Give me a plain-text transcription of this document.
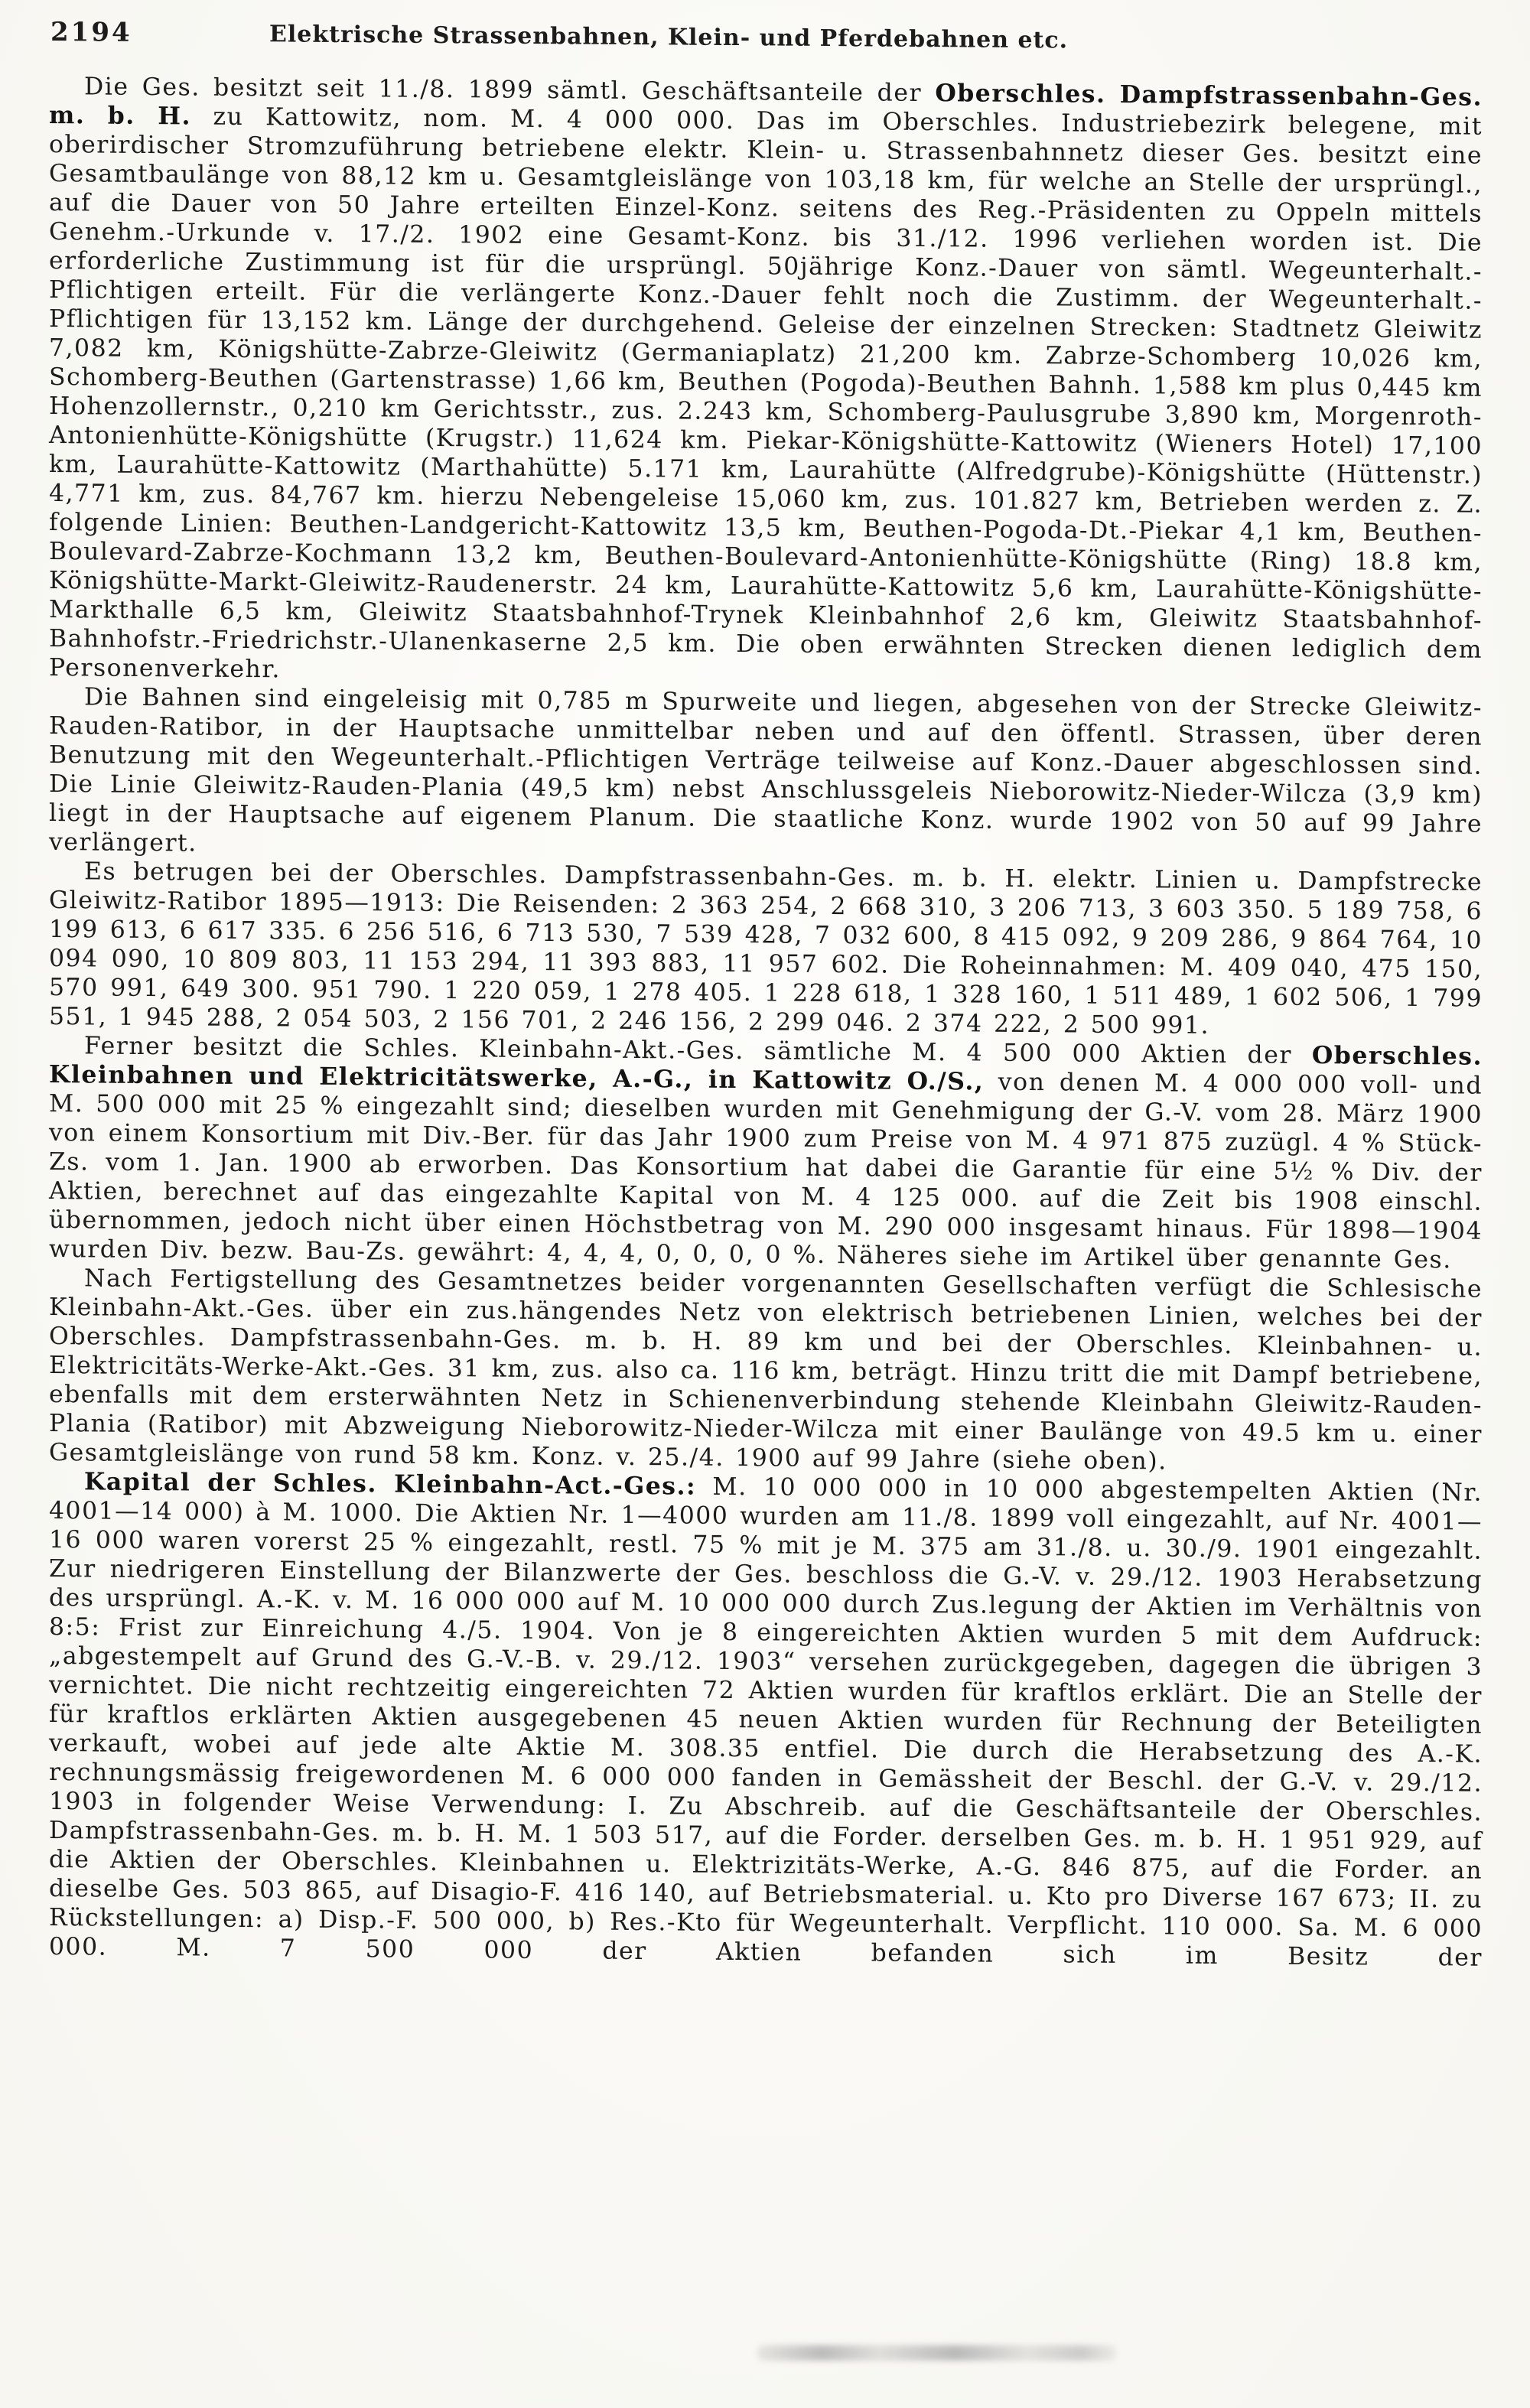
2194	Elektrische Strassenbahnen, Klein- und Pferdebahnen etc.

Die Ges. besitzt seit 11./8. 1899 sämtl. Geschäftsanteile der Oberschles. Dampfstrassenbahn-Ges. m. b. H. zu Kattowitz, nom. M. 4 000 000. Das im Oberschles. Industriebezirk belegene, mit oberirdischer Stromzuführung betriebene elektr. Klein- u. Strassenbahnnetz dieser Ges. besitzt eine Gesamtbaulänge von 88,12 km u. Gesamtgleislänge von 103,18 km, für welche an Stelle der ursprüngl., auf die Dauer von 50 Jahre erteilten Einzel-Konz. seitens des Reg.-Präsidenten zu Oppeln mittels Genehm.-Urkunde v. 17./2. 1902 eine Gesamt-Konz. bis 31./12. 1996 verliehen worden ist. Die erforderliche Zustimmung ist für die ursprüngl. 50jährige Konz.-Dauer von sämtl. Wegeunterhalt.-Pflichtigen erteilt. Für die verlängerte Konz.-Dauer fehlt noch die Zustimm. der Wegeunterhalt.-Pflichtigen für 13,152 km. Länge der durchgehend. Geleise der einzelnen Strecken: Stadtnetz Gleiwitz 7,082 km, Königshütte-Zabrze-Gleiwitz (Germaniaplatz) 21,200 km. Zabrze-Schomberg 10,026 km, Schomberg-Beuthen (Gartenstrasse) 1,66 km, Beuthen (Pogoda)-Beuthen Bahnh. 1,588 km plus 0,445 km Hohenzollernstr., 0,210 km Gerichtsstr., zus. 2.243 km, Schomberg-Paulusgrube 3,890 km, Morgenroth-Antonienhütte-Königshütte (Krugstr.) 11,624 km. Piekar-Königshütte-Kattowitz (Wieners Hotel) 17,100 km, Laurahütte-Kattowitz (Marthahütte) 5.171 km, Laurahütte (Alfredgrube)-Königshütte (Hüttenstr.) 4,771 km, zus. 84,767 km. hierzu Nebengeleise 15,060 km, zus. 101.827 km, Betrieben werden z. Z. folgende Linien: Beuthen-Landgericht-Kattowitz 13,5 km, Beuthen-Pogoda-Dt.-Piekar 4,1 km, Beuthen-Boulevard-Zabrze-Kochmann 13,2 km, Beuthen-Boulevard-Antonienhütte-Königshütte (Ring) 18.8 km, Königshütte-Markt-Gleiwitz-Raudenerstr. 24 km, Laurahütte-Kattowitz 5,6 km, Laurahütte-Königshütte-Markthalle 6,5 km, Gleiwitz Staatsbahnhof-Trynek Kleinbahnhof 2,6 km, Gleiwitz Staatsbahnhof-Bahnhofstr.-Friedrichstr.-Ulanenkaserne 2,5 km. Die oben erwähnten Strecken dienen lediglich dem Personenverkehr.

Die Bahnen sind eingeleisig mit 0,785 m Spurweite und liegen, abgesehen von der Strecke Gleiwitz-Rauden-Ratibor, in der Hauptsache unmittelbar neben und auf den öffentl. Strassen, über deren Benutzung mit den Wegeunterhalt.-Pflichtigen Verträge teilweise auf Konz.-Dauer abgeschlossen sind. Die Linie Gleiwitz-Rauden-Plania (49,5 km) nebst Anschlussgeleis Nieborowitz-Nieder-Wilcza (3,9 km) liegt in der Hauptsache auf eigenem Planum. Die staatliche Konz. wurde 1902 von 50 auf 99 Jahre verlängert.

Es betrugen bei der Oberschles. Dampfstrassenbahn-Ges. m. b. H. elektr. Linien u. Dampfstrecke Gleiwitz-Ratibor 1895—1913: Die Reisenden: 2 363 254, 2 668 310, 3 206 713, 3 603 350. 5 189 758, 6 199 613, 6 617 335. 6 256 516, 6 713 530, 7 539 428, 7 032 600, 8 415 092, 9 209 286, 9 864 764, 10 094 090, 10 809 803, 11 153 294, 11 393 883, 11 957 602. Die Roheinnahmen: M. 409 040, 475 150, 570 991, 649 300. 951 790. 1 220 059, 1 278 405. 1 228 618, 1 328 160, 1 511 489, 1 602 506, 1 799 551, 1 945 288, 2 054 503, 2 156 701, 2 246 156, 2 299 046. 2 374 222, 2 500 991.

Ferner besitzt die Schles. Kleinbahn-Akt.-Ges. sämtliche M. 4 500 000 Aktien der Oberschles. Kleinbahnen und Elektricitätswerke, A.-G., in Kattowitz O./S., von denen M. 4 000 000 voll- und M. 500 000 mit 25 % eingezahlt sind; dieselben wurden mit Genehmigung der G.-V. vom 28. März 1900 von einem Konsortium mit Div.-Ber. für das Jahr 1900 zum Preise von M. 4 971 875 zuzügl. 4 % Stück-Zs. vom 1. Jan. 1900 ab erworben. Das Konsortium hat dabei die Garantie für eine 5½ % Div. der Aktien, berechnet auf das eingezahlte Kapital von M. 4 125 000. auf die Zeit bis 1908 einschl. übernommen, jedoch nicht über einen Höchstbetrag von M. 290 000 insgesamt hinaus. Für 1898—1904 wurden Div. bezw. Bau-Zs. gewährt: 4, 4, 4, 0, 0, 0, 0 %. Näheres siehe im Artikel über genannte Ges.

Nach Fertigstellung des Gesamtnetzes beider vorgenannten Gesellschaften verfügt die Schlesische Kleinbahn-Akt.-Ges. über ein zus.hängendes Netz von elektrisch betriebenen Linien, welches bei der Oberschles. Dampfstrassenbahn-Ges. m. b. H. 89 km und bei der Oberschles. Kleinbahnen- u. Elektricitäts-Werke-Akt.-Ges. 31 km, zus. also ca. 116 km, beträgt. Hinzu tritt die mit Dampf betriebene, ebenfalls mit dem ersterwähnten Netz in Schienenverbindung stehende Kleinbahn Gleiwitz-Rauden-Plania (Ratibor) mit Abzweigung Nieborowitz-Nieder-Wilcza mit einer Baulänge von 49.5 km u. einer Gesamtgleislänge von rund 58 km. Konz. v. 25./4. 1900 auf 99 Jahre (siehe oben).

Kapital der Schles. Kleinbahn-Act.-Ges.: M. 10 000 000 in 10 000 abgestempelten Aktien (Nr. 4001—14 000) à M. 1000. Die Aktien Nr. 1—4000 wurden am 11./8. 1899 voll eingezahlt, auf Nr. 4001—16 000 waren vorerst 25 % eingezahlt, restl. 75 % mit je M. 375 am 31./8. u. 30./9. 1901 eingezahlt. Zur niedrigeren Einstellung der Bilanzwerte der Ges. beschloss die G.-V. v. 29./12. 1903 Herabsetzung des ursprüngl. A.-K. v. M. 16 000 000 auf M. 10 000 000 durch Zus.legung der Aktien im Verhältnis von 8:5: Frist zur Einreichung 4./5. 1904. Von je 8 eingereichten Aktien wurden 5 mit dem Aufdruck: „abgestempelt auf Grund des G.-V.-B. v. 29./12. 1903“ versehen zurückgegeben, dagegen die übrigen 3 vernichtet. Die nicht rechtzeitig eingereichten 72 Aktien wurden für kraftlos erklärt. Die an Stelle der für kraftlos erklärten Aktien ausgegebenen 45 neuen Aktien wurden für Rechnung der Beteiligten verkauft, wobei auf jede alte Aktie M. 308.35 entfiel. Die durch die Herabsetzung des A.-K. rechnungsmässig freigewordenen M. 6 000 000 fanden in Gemässheit der Beschl. der G.-V. v. 29./12. 1903 in folgender Weise Verwendung: I. Zu Abschreib. auf die Geschäftsanteile der Oberschles. Dampfstrassenbahn-Ges. m. b. H. M. 1 503 517, auf die Forder. derselben Ges. m. b. H. 1 951 929, auf die Aktien der Oberschles. Kleinbahnen u. Elektrizitäts-Werke, A.-G. 846 875, auf die Forder. an dieselbe Ges. 503 865, auf Disagio-F. 416 140, auf Betriebsmaterial. u. Kto pro Diverse 167 673; II. zu Rückstellungen: a) Disp.-F. 500 000, b) Res.-Kto für Wegeunterhalt. Verpflicht. 110 000. Sa. M. 6 000 000. M. 7 500 000 der Aktien befanden sich im Besitz der
